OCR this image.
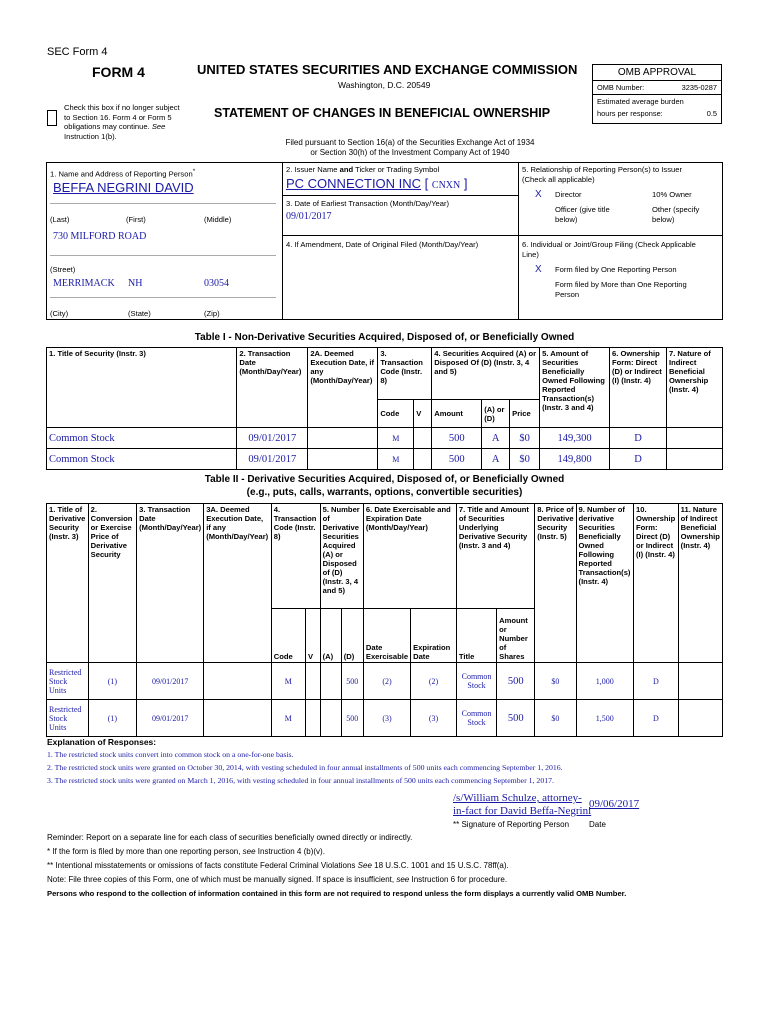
SEC Form 4
FORM 4	UNITED STATES SECURITIES AND EXCHANGE COMMISSION
Washington, D.C. 20549
Check this box if no longer subject
to Section 16. Form 4 or Form 5
obligations may continue. See
Instruction 1(b).
STATEMENT OF CHANGES IN BENEFICIAL OWNERSHIP
Filed pursuant to Section 16(a) of the Securities Exchange Act of 1934
or Section 30(h) of the Investment Company Act of 1940
OMB APPROVAL
OMB Number:	3235-0287
Estimated average burden
hours per response:	0.5
1. Name and Address of Reporting Person*
BEFFA NEGRINI DAVID
(Last)	(First)	(Middle)
730 MILFORD ROAD
(Street)
MERRIMACK NH	03054
(City)	(State)	(Zip)
2. Issuer Name and Ticker or Trading Symbol
PC CONNECTION INC [ CNXN ]
3. Date of Earliest Transaction (Month/Day/Year)
09/01/2017
4. If Amendment, Date of Original Filed (Month/Day/Year)
5. Relationship of Reporting Person(s) to Issuer
(Check all applicable)
X Director	10% Owner
Officer (give title
below)
Other (specify
below)
6. Individual or Joint/Group Filing (Check Applicable
Line)
X Form filed by One Reporting Person
Form filed by More than One Reporting
Person
Table I - Non-Derivative Securities Acquired, Disposed of, or Beneficially Owned
1. Title of Security (Instr. 3)	2. Transaction Date (Month/Day/Year)	2A. Deemed Execution Date, if any (Month/Day/Year)	3. Transaction Code (Instr. 8)		4. Securities Acquired (A) or Disposed Of (D) (Instr. 3, 4 and 5)			5. Amount of Securities Beneficially Owned Following Reported Transaction(s) (Instr. 3 and 4)	6. Ownership Form: Direct (D) or Indirect (I) (Instr. 4)	7. Nature of Indirect Beneficial Ownership (Instr. 4)
			Code	V	Amount	(A) or (D)	Price			
Common Stock	09/01/2017		M		500	A	$0	149,300	D	
Common Stock	09/01/2017		M		500	A	$0	149,800	D	
Table II - Derivative Securities Acquired, Disposed of, or Beneficially Owned
(e.g., puts, calls, warrants, options, convertible securities)
1. Title of Derivative Security (Instr. 3)	2. Conversion or Exercise Price of Derivative Security	3. Transaction Date (Month/Day/Year)	3A. Deemed Execution Date, if any (Month/Day/Year)	4. Transaction Code (Instr. 8)		5. Number of Derivative Securities Acquired (A) or Disposed of (D) (Instr. 3, 4 and 5)		6. Date Exercisable and Expiration Date (Month/Day/Year)		7. Title and Amount of Securities Underlying Derivative Security (Instr. 3 and 4)		8. Price of Derivative Security (Instr. 5)	9. Number of derivative Securities Beneficially Owned Following Reported Transaction(s) (Instr. 4)	10. Ownership Form: Direct (D) or Indirect (I) (Instr. 4)	11. Nature of Indirect Beneficial Ownership (Instr. 4)
				Code	V	(A)	(D)	Date Exercisable	Expiration Date	Title	Amount or Number of Shares				
Restricted Stock Units	(1)	09/01/2017		M			500	(2)	(2)	Common Stock	500	$0	1,000	D	
Restricted Stock Units	(1)	09/01/2017		M			500	(3)	(3)	Common Stock	500	$0	1,500	D	
Explanation of Responses:
1. The restricted stock units convert into common stock on a one-for-one basis.
2. The restricted stock units were granted on October 30, 2014, with vesting scheduled in four annual installments of 500 units each commencing September 1, 2016.
3. The restricted stock units were granted on March 1, 2016, with vesting scheduled in four annual installments of 500 units each commencing September 1, 2017.
/s/William Schulze, attorney-
in-fact for David Beffa-Negrini
09/06/2017
** Signature of Reporting Person Date
Reminder: Report on a separate line for each class of securities beneficially owned directly or indirectly.
* If the form is filed by more than one reporting person, see Instruction 4 (b)(v).
** Intentional misstatements or omissions of facts constitute Federal Criminal Violations See 18 U.S.C. 1001 and 15 U.S.C. 78ff(a).
Note: File three copies of this Form, one of which must be manually signed. If space is insufficient, see Instruction 6 for procedure.
Persons who respond to the collection of information contained in this form are not required to respond unless the form displays a currently valid OMB Number.
